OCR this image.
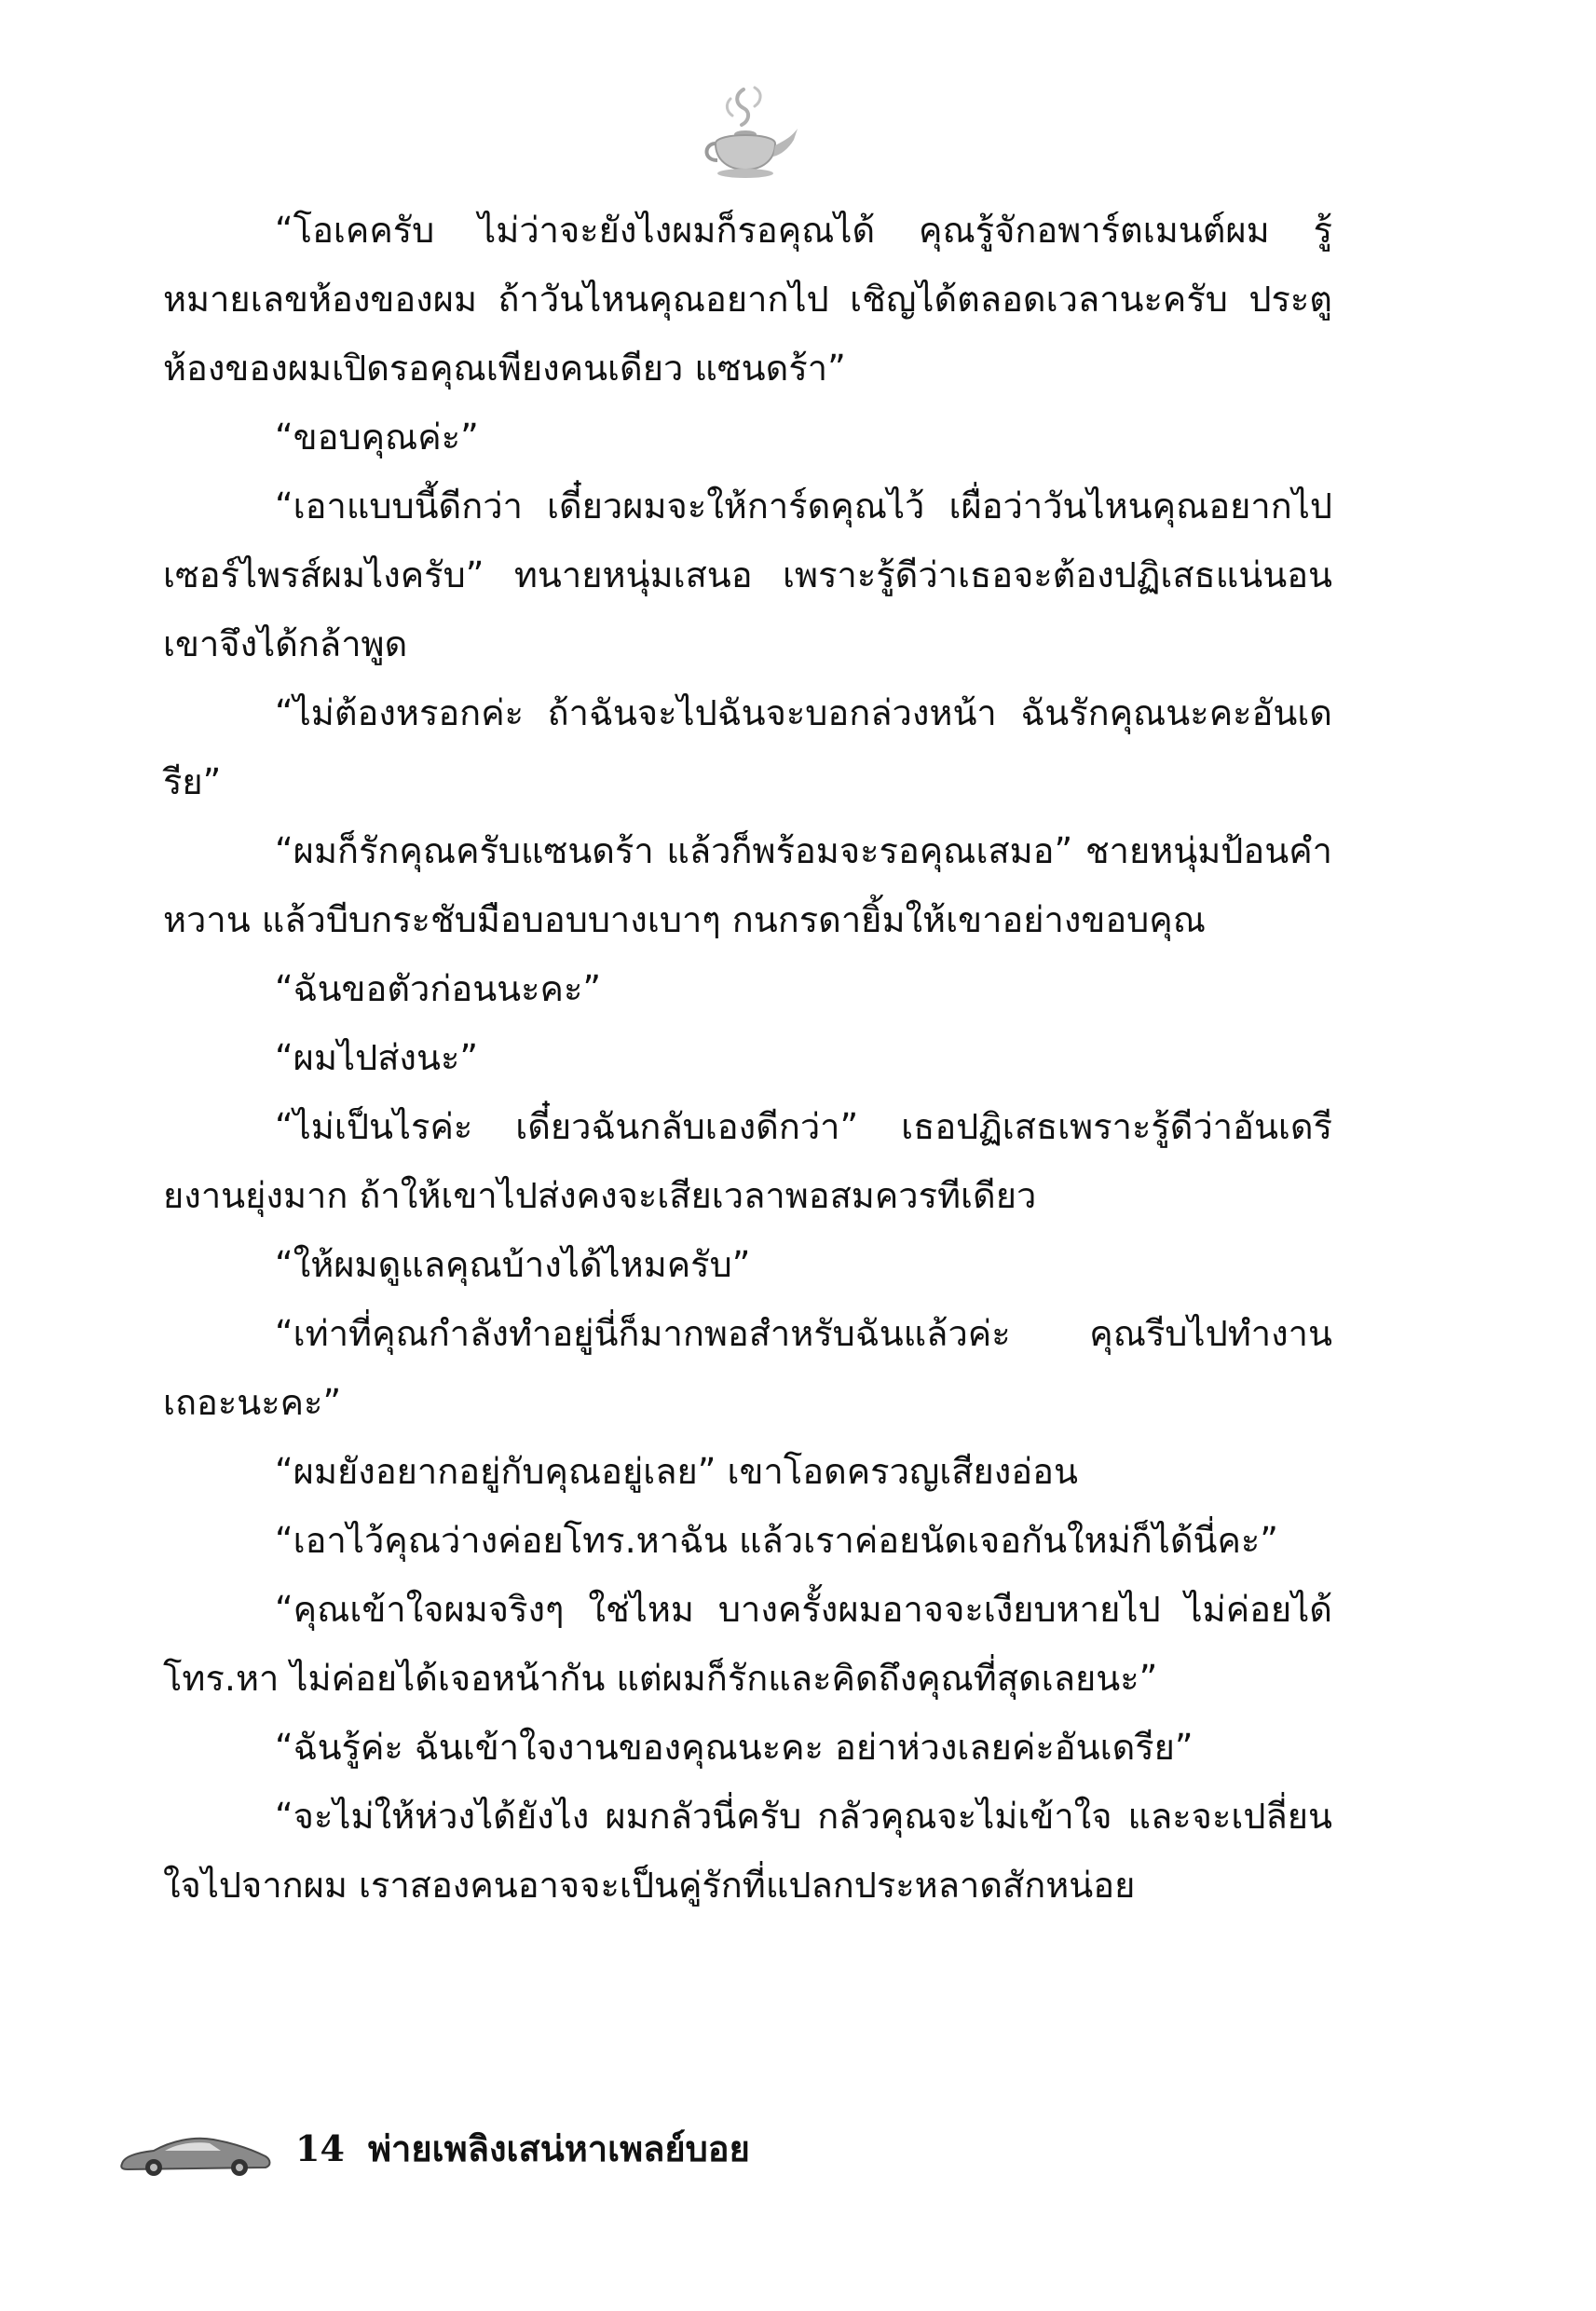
“โอเคครับ ไม่ว่าจะยังไงผมก็รอคุณได้ คุณรู้จักอพาร์ตเมนต์ผม รู้หมายเลขห้องของผม ถ้าวันไหนคุณอยากไป เชิญได้ตลอดเวลานะครับ ประตูห้องของผมเปิดรอคุณเพียงคนเดียว แซนดร้า”

“ขอบคุณค่ะ”

“เอาแบบนี้ดีกว่า เดี๋ยวผมจะให้การ์ดคุณไว้ เผื่อว่าวันไหนคุณอยากไปเซอร์ไพรส์ผมไงครับ” ทนายหนุ่มเสนอ เพราะรู้ดีว่าเธอจะต้องปฏิเสธแน่นอน เขาจึงได้กล้าพูด

“ไม่ต้องหรอกค่ะ ถ้าฉันจะไปฉันจะบอกล่วงหน้า ฉันรักคุณนะคะอันเดรีย”

“ผมก็รักคุณครับแซนดร้า แล้วก็พร้อมจะรอคุณเสมอ” ชายหนุ่มป้อนคำหวาน แล้วบีบกระชับมือบอบบางเบาๆ กนกรดายิ้มให้เขาอย่างขอบคุณ

“ฉันขอตัวก่อนนะคะ”

“ผมไปส่งนะ”

“ไม่เป็นไรค่ะ เดี๋ยวฉันกลับเองดีกว่า” เธอปฏิเสธเพราะรู้ดีว่าอันเดรียงานยุ่งมาก ถ้าให้เขาไปส่งคงจะเสียเวลาพอสมควรทีเดียว

“ให้ผมดูแลคุณบ้างได้ไหมครับ”

“เท่าที่คุณกำลังทำอยู่นี่ก็มากพอสำหรับฉันแล้วค่ะ คุณรีบไปทำงานเถอะนะคะ”

“ผมยังอยากอยู่กับคุณอยู่เลย” เขาโอดครวญเสียงอ่อน

“เอาไว้คุณว่างค่อยโทร.หาฉัน แล้วเราค่อยนัดเจอกันใหม่ก็ได้นี่คะ”

“คุณเข้าใจผมจริงๆ ใช่ไหม บางครั้งผมอาจจะเงียบหายไป ไม่ค่อยได้โทร.หา ไม่ค่อยได้เจอหน้ากัน แต่ผมก็รักและคิดถึงคุณที่สุดเลยนะ”

“ฉันรู้ค่ะ ฉันเข้าใจงานของคุณนะคะ อย่าห่วงเลยค่ะอันเดรีย”

“จะไม่ให้ห่วงได้ยังไง ผมกลัวนี่ครับ กลัวคุณจะไม่เข้าใจ และจะเปลี่ยนใจไปจากผม เราสองคนอาจจะเป็นคู่รักที่แปลกประหลาดสักหน่อย

14 พ่ายเพลิงเสน่หาเพลย์บอย
